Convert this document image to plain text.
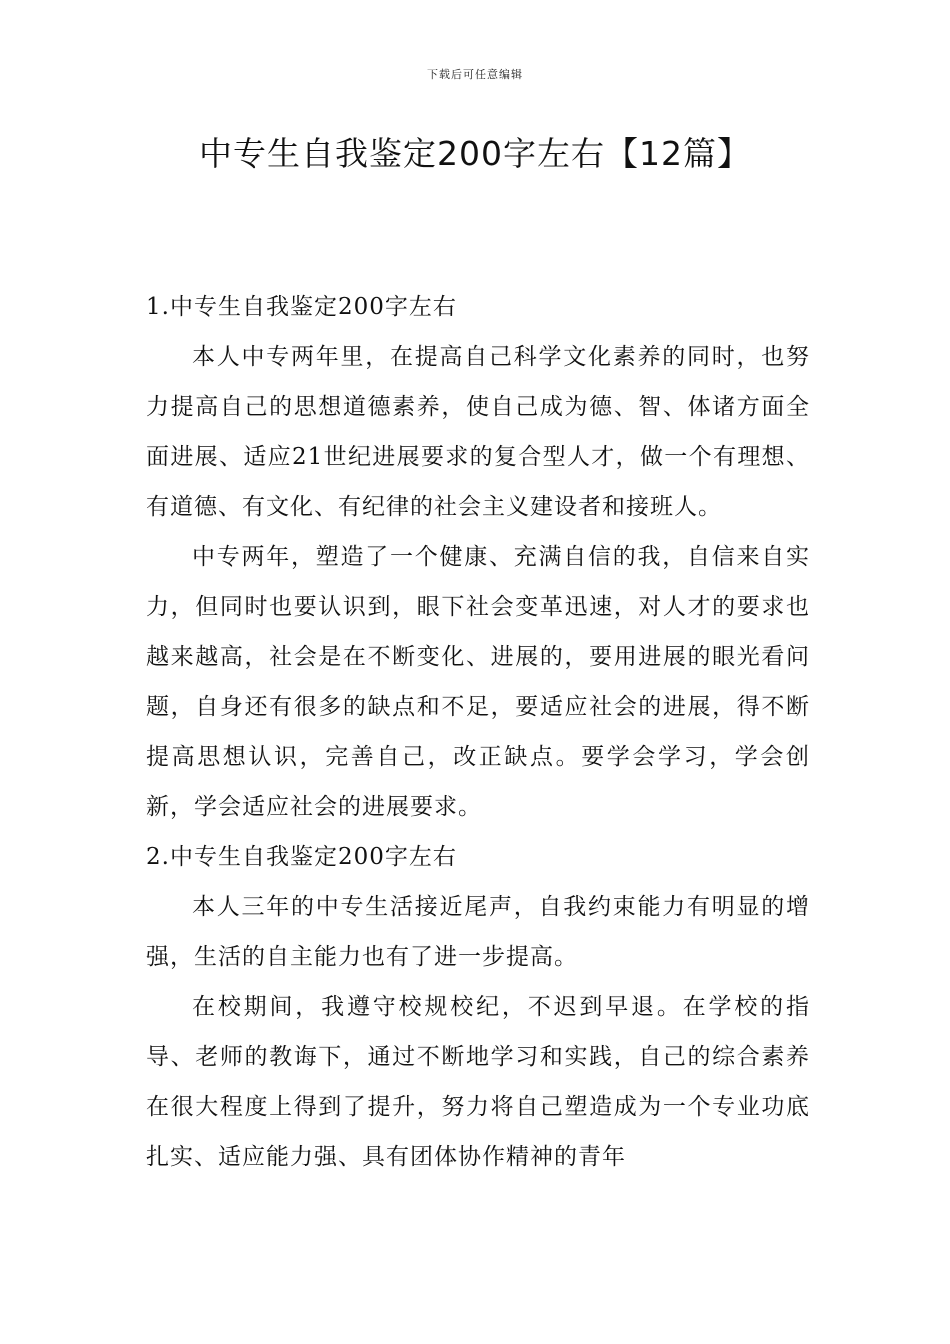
下载后可任意编辑
中专生自我鉴定200字左右【12篇】
1.中专生自我鉴定200字左右

本人中专两年里，在提高自己科学文化素养的同时，也努力提高自己的思想道德素养，使自己成为德、智、体诸方面全面进展、适应21世纪进展要求的复合型人才，做一个有理想、有道德、有文化、有纪律的社会主义建设者和接班人。

中专两年，塑造了一个健康、充满自信的我，自信来自实力，但同时也要认识到，眼下社会变革迅速，对人才的要求也越来越高，社会是在不断变化、进展的，要用进展的眼光看问题，自身还有很多的缺点和不足，要适应社会的进展，得不断提高思想认识，完善自己，改正缺点。要学会学习，学会创新，学会适应社会的进展要求。

2.中专生自我鉴定200字左右

本人三年的中专生活接近尾声，自我约束能力有明显的增强，生活的自主能力也有了进一步提高。

在校期间，我遵守校规校纪，不迟到早退。在学校的指导、老师的教诲下，通过不断地学习和实践，自己的综合素养在很大程度上得到了提升，努力将自己塑造成为一个专业功底扎实、适应能力强、具有团体协作精神的青年
